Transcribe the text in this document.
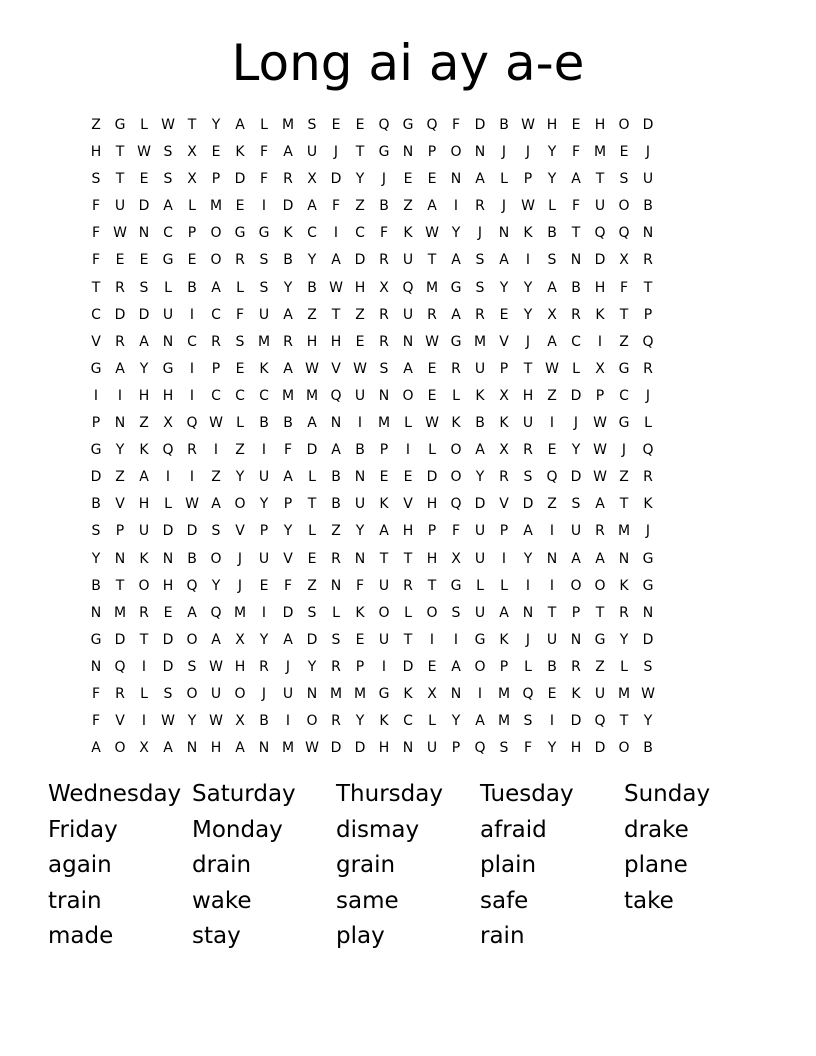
Long ai ay a-e
Z G	L W T	Y	A	L	M S	E	E	Q G Q	F	D B W H	E	H O D
H	T W S	X	E	K	F	A	U	J	T	G N	P	O N	J	J	Y	F M E	J
S	T	E	S	X	P	D	F	R	X D	Y	J	E	E	N A	L	P	Y	A	T	S	U
F	U D A	L	M E	I	D A	F	Z	B	Z	A	I	R	J	W L	F	U O B
F W N C	P	O G G K	C	I	C	F	K W Y	J	N	K	B	T	Q Q N
F	E	E	G	E	O R	S	B	Y	A D R	U	T	A	S	A	I	S	N D X	R
T	R	S	L	B	A	L	S	Y	B W H X Q M G	S	Y	Y	A	B H	F	T
C D D U	I	C	F	U	A	Z	T	Z	R	U	R	A	R	E	Y	X	R	K	T	P
V	R	A N C	R	S M R H H	E	R N W G M V	J	A	C	I	Z Q
G A	Y	G	I	P	E	K	A W V W S	A	E	R	U	P	T W L	X G R
I	I	H H	I	C	C	C M M Q U N O	E	L	K	X H Z D	P	C	J
P	N Z	X Q W L	B	B	A N	I	M	L W K	B	K	U	I	J	W G	L
G	Y	K Q R	I	Z	I	F	D A	B	P	I	L	O A	X	R	E	Y W	J	Q
D Z	A	I	I	Z	Y	U	A	L	B N	E	E	D O	Y	R	S	Q D W Z	R
B	V H	L W A O	Y	P	T	B	U	K	V H Q D V D Z	S	A	T	K
S	P	U D D	S	V	P	Y	L	Z	Y	A H	P	F	U	P	A	I	U	R M	J
Y	N	K	N B O	J	U	V	E	R N	T	T	H X	U	I	Y	N A	A N G
B	T	O H Q	Y	J	E	F	Z N	F	U	R	T	G	L	L	I	I	O O K G
N M R	E	A Q M	I	D	S	L	K O	L	O	S	U	A N	T	P	T	R N
G D	T	D O A	X	Y	A D	S	E	U	T	I	I	G K	J	U N G	Y	D
N Q	I	D	S W H R	J	Y	R	P	I	D	E	A O	P	L	B	R	Z	L	S
F	R	L	S	O U O	J	U N M M G K	X N	I	M Q	E	K	U M W
F	V	I	W Y W X	B	I	O R	Y	K	C	L	Y	A M S	I	D Q	T	Y
A O X	A N H A N M W D D H N U	P	Q	S	F	Y	H D O B
Wednesday Saturday	Thursday	Tuesday	Sunday
Friday	Monday	dismay	afraid	drake
again	drain	grain	plain	plane
train	wake	same	safe	take
made	stay	play	rain
